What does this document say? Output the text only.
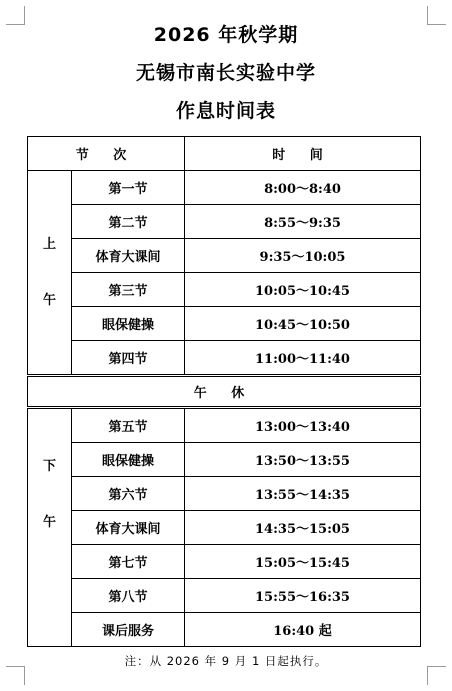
2026 年秋学期
无锡市南长实验中学
作息时间表
节 次		时 间

上
午	第一节	8:00～8:40
	第二节	8:55～9:35
	体育大课间	9:35～10:05
	第三节	10:05～10:45
	眼保健操	10:45～10:50
	第四节	11:00～11:40
午 休		

下
午	第五节	13:00～13:40
	眼保健操	13:50～13:55
	第六节	13:55～14:35
	体育大课间	14:35～15:05
	第七节	15:05～15:45
	第八节	15:55～16:35
	课后服务	16:40 起
注：从 2026 年 9 月 1 日起执行。
